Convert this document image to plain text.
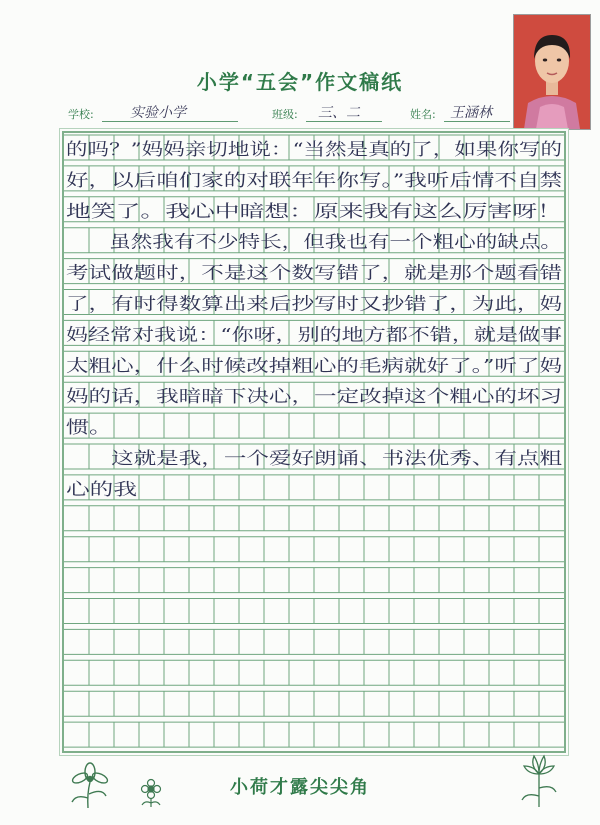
小学“五会”作文稿纸
学校:	实验小学	班级: 三、二	姓名: 王涵林
的吗？”妈妈亲切地说：“当然是真的了，如果你写的
好，以后咱们家的对联年年你写。”我听后情不自禁
地笑了。我心中暗想：原来我有这么厉害呀！
　　虽然我有不少特长，但我也有一个粗心的缺点。
考试做题时，不是这个数写错了，就是那个题看错
了，有时得数算出来后抄写时又抄错了，为此，妈
妈经常对我说：“你呀，别的地方都不错，就是做事
太粗心，什么时候改掉粗心的毛病就好了。”听了妈
妈的话，我暗暗下决心，一定改掉这个粗心的坏习
惯。
　　这就是我，一个爱好朗诵、书法优秀、有点粗
心的我
小荷才露尖尖角
